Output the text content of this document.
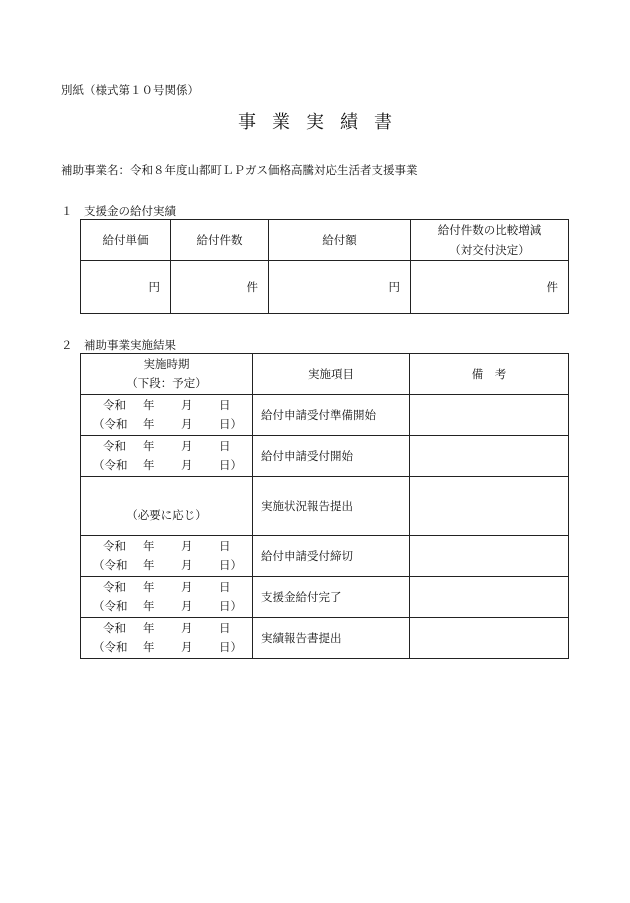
別紙（様式第１０号関係）
事業実績書
補助事業名：令和８年度山都町ＬＰガス価格高騰対応生活者支援事業
１　支援金の給付実績
給付単価	給付件数	給付額	給付件数の比較増減
（対交付決定）

円	件	円	件
２　補助事業実施結果
実施時期
（下段：予定）	実施項目	備　考

令和 年 月 日
（令和 年 月 日）	給付申請受付準備開始	

令和 年 月 日
（令和 年 月 日）	給付申請受付開始	
（必要に応じ）	実施状況報告提出	

令和 年 月 日
（令和 年 月 日）	給付申請受付締切	

令和 年 月 日
（令和 年 月 日）	支援金給付完了	

令和 年 月 日
（令和 年 月 日）	実績報告書提出	
